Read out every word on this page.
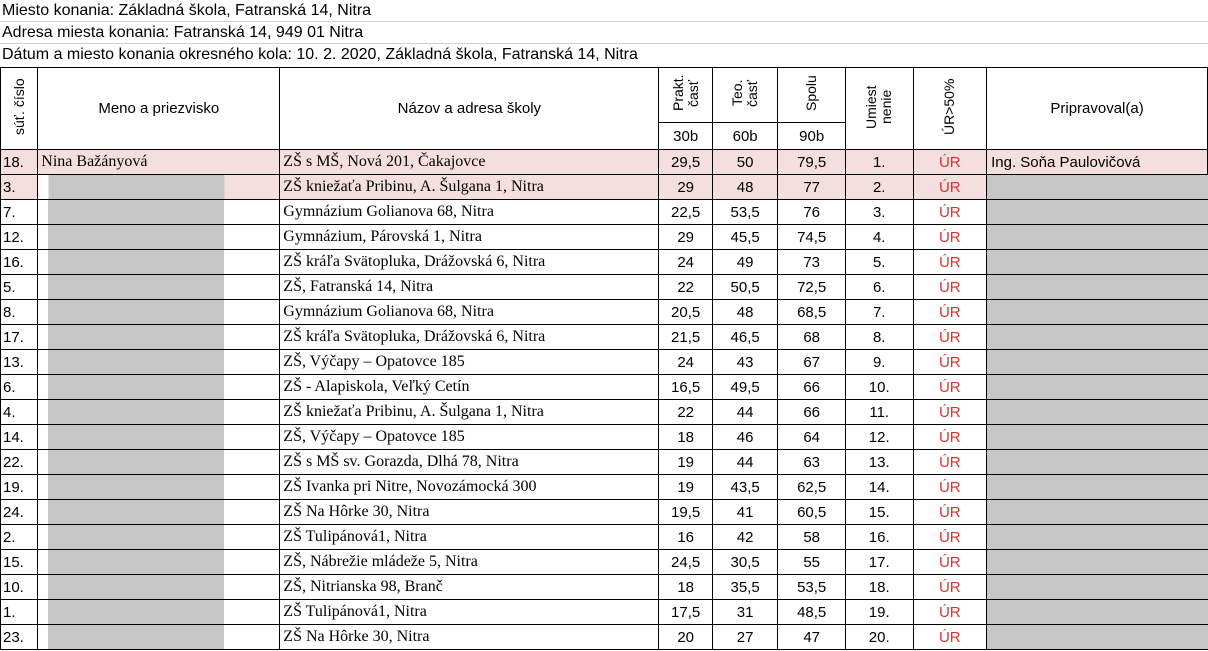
Miesto konania: Základná škola, Fatranská 14, Nitra
Adresa miesta konania: Fatranská 14, 949 01 Nitra
Dátum a miesto konania okresného kola: 10. 2. 2020, Základná škola, Fatranská 14, Nitra
súť. číslo	Meno a priezvisko	Názov a adresa školy	Prakt. časť	Teo. časť	Spolu	Umiest nenie	ÚR>50%	Pripravoval(a)
			30b	60b	90b			
18.	Nina Bažányová	ZŠ s MŠ, Nová 201, Čakajovce	29,5	50	79,5	1.	ÚR	Ing. Soňa Paulovičová
3.		ZŠ kniežaťa Pribinu, A. Šulgana 1, Nitra	29	48	77	2.	ÚR	
7.		Gymnázium Golianova 68, Nitra	22,5	53,5	76	3.	ÚR	
12.		Gymnázium, Párovská 1, Nitra	29	45,5	74,5	4.	ÚR	
16.		ZŠ kráľa Svätopluka, Drážovská 6, Nitra	24	49	73	5.	ÚR	
5.		ZŠ, Fatranská 14, Nitra	22	50,5	72,5	6.	ÚR	
8.		Gymnázium Golianova 68, Nitra	20,5	48	68,5	7.	ÚR	
17.		ZŠ kráľa Svätopluka, Drážovská 6, Nitra	21,5	46,5	68	8.	ÚR	
13.		ZŠ, Výčapy – Opatovce 185	24	43	67	9.	ÚR	
6.		ZŠ - Alapiskola, Veľký Cetín	16,5	49,5	66	10.	ÚR	
4.		ZŠ kniežaťa Pribinu, A. Šulgana 1, Nitra	22	44	66	11.	ÚR	
14.		ZŠ, Výčapy – Opatovce 185	18	46	64	12.	ÚR	
22.		ZŠ s MŠ sv. Gorazda, Dlhá 78, Nitra	19	44	63	13.	ÚR	
19.		ZŠ Ivanka pri Nitre, Novozámocká 300	19	43,5	62,5	14.	ÚR	
24.		ZŠ Na Hôrke 30, Nitra	19,5	41	60,5	15.	ÚR	
2.		ZŠ Tulipánová1, Nitra	16	42	58	16.	ÚR	
15.		ZŠ, Nábrežie mládeže 5, Nitra	24,5	30,5	55	17.	ÚR	
10.		ZŠ, Nitrianska 98, Branč	18	35,5	53,5	18.	ÚR	
1.		ZŠ Tulipánová1, Nitra	17,5	31	48,5	19.	ÚR	
23.		ZŠ Na Hôrke 30, Nitra	20	27	47	20.	ÚR	
